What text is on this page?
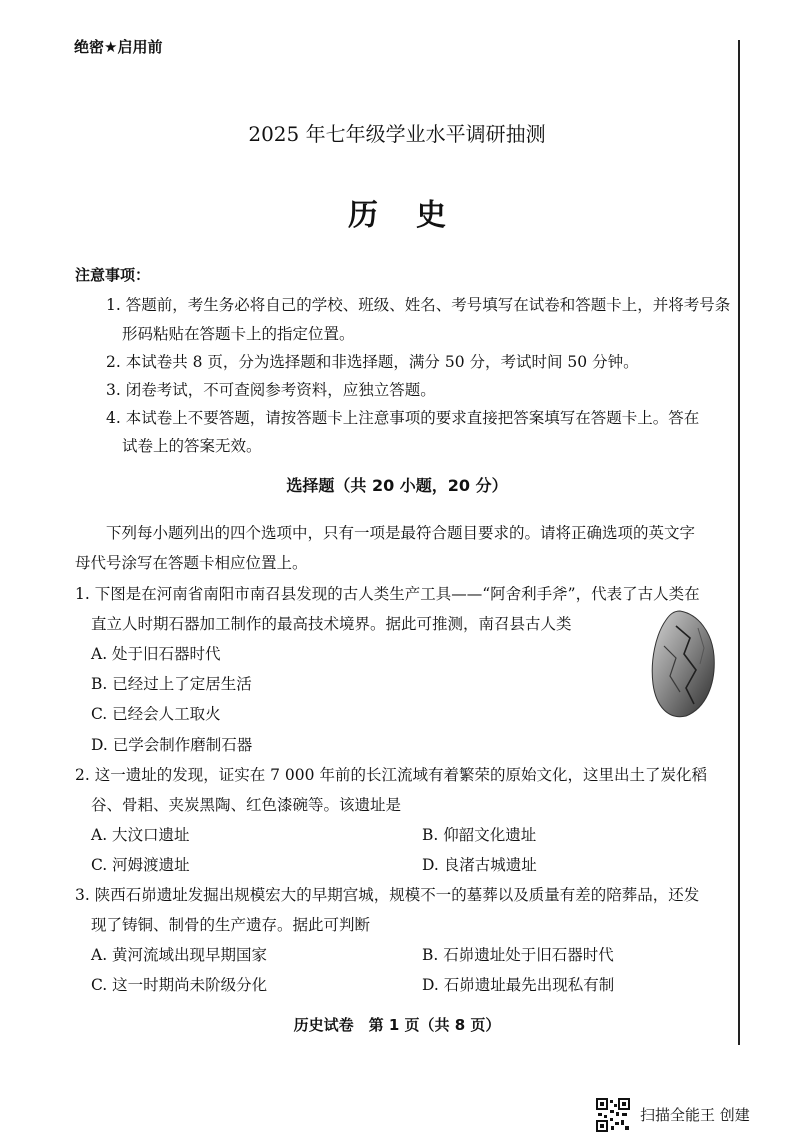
绝密★启用前
2025 年七年级学业水平调研抽测
历史
注意事项：
1. 答题前，考生务必将自己的学校、班级、姓名、考号填写在试卷和答题卡上，并将考号条
形码粘贴在答题卡上的指定位置。
2. 本试卷共 8 页，分为选择题和非选择题，满分 50 分，考试时间 50 分钟。
3. 闭卷考试，不可查阅参考资料，应独立答题。
4. 本试卷上不要答题，请按答题卡上注意事项的要求直接把答案填写在答题卡上。答在
试卷上的答案无效。
选择题（共 20 小题，20 分）
下列每小题列出的四个选项中，只有一项是最符合题目要求的。请将正确选项的英文字
母代号涂写在答题卡相应位置上。
1. 下图是在河南省南阳市南召县发现的古人类生产工具——“阿舍利手斧”，代表了古人类在
直立人时期石器加工制作的最高技术境界。据此可推测，南召县古人类
A. 处于旧石器时代
B. 已经过上了定居生活
C. 已经会人工取火
D. 已学会制作磨制石器
2. 这一遗址的发现，证实在 7 000 年前的长江流域有着繁荣的原始文化，这里出土了炭化稻
谷、骨耜、夹炭黑陶、红色漆碗等。该遗址是
A. 大汶口遗址	B. 仰韶文化遗址
C. 河姆渡遗址	D. 良渚古城遗址
3. 陕西石峁遗址发掘出规模宏大的早期宫城，规模不一的墓葬以及质量有差的陪葬品，还发
现了铸铜、制骨的生产遗存。据此可判断
A. 黄河流域出现早期国家	B. 石峁遗址处于旧石器时代
C. 这一时期尚未阶级分化	D. 石峁遗址最先出现私有制
历史试卷　第 1 页（共 8 页）
扫描全能王 创建
